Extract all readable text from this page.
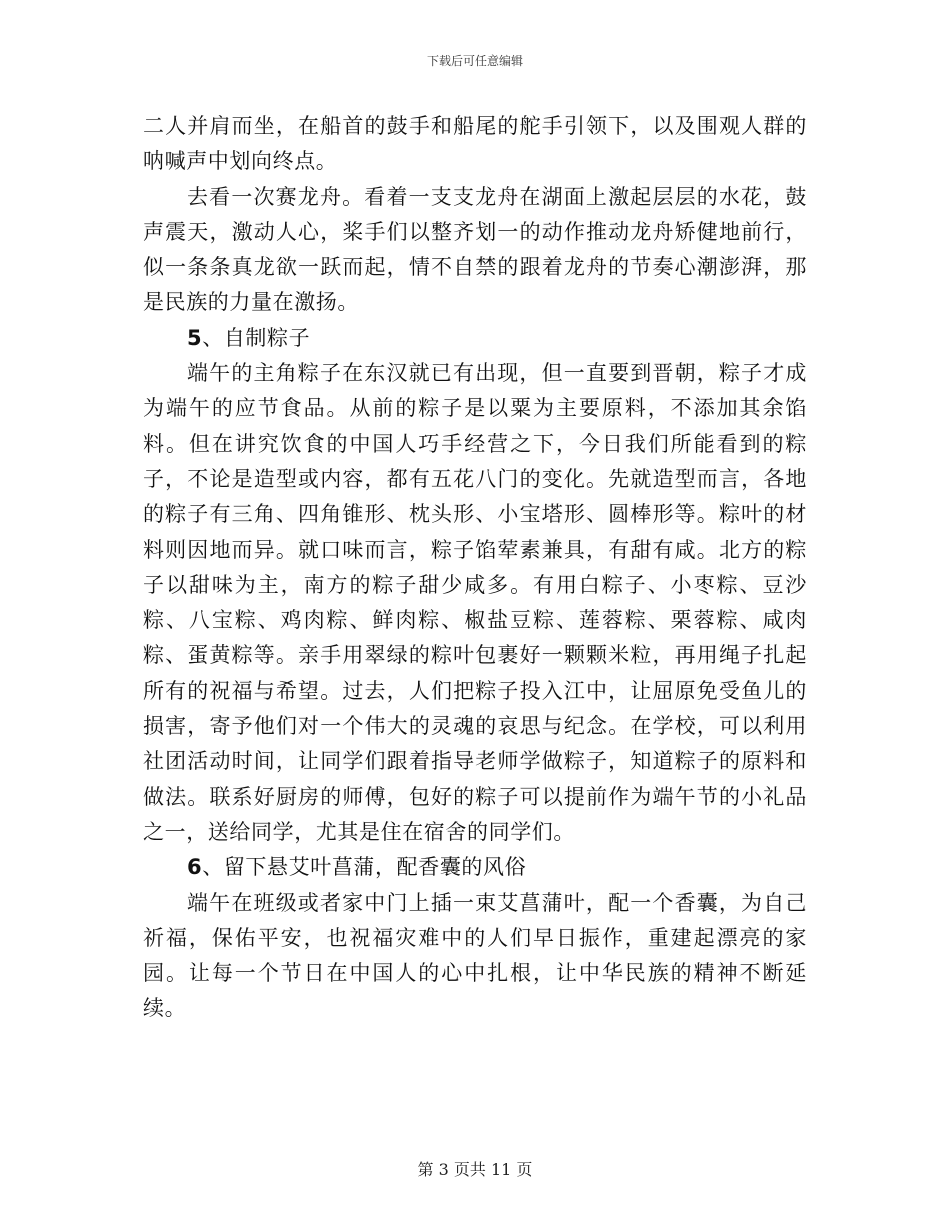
下载后可任意编辑

二人并肩而坐，在船首的鼓手和船尾的舵手引领下，以及围观人群的呐喊声中划向终点。

去看一次赛龙舟。看着一支支龙舟在湖面上激起层层的水花，鼓声震天，激动人心，桨手们以整齐划一的动作推动龙舟矫健地前行，似一条条真龙欲一跃而起，情不自禁的跟着龙舟的节奏心潮澎湃，那是民族的力量在激扬。

5、自制粽子

端午的主角粽子在东汉就已有出现，但一直要到晋朝，粽子才成为端午的应节食品。从前的粽子是以粟为主要原料，不添加其余馅料。但在讲究饮食的中国人巧手经营之下，今日我们所能看到的粽子，不论是造型或内容，都有五花八门的变化。先就造型而言，各地的粽子有三角、四角锥形、枕头形、小宝塔形、圆棒形等。粽叶的材料则因地而异。就口味而言，粽子馅荤素兼具，有甜有咸。北方的粽子以甜味为主，南方的粽子甜少咸多。有用白粽子、小枣粽、豆沙粽、八宝粽、鸡肉粽、鲜肉粽、椒盐豆粽、莲蓉粽、栗蓉粽、咸肉粽、蛋黄粽等。亲手用翠绿的粽叶包裹好一颗颗米粒，再用绳子扎起所有的祝福与希望。过去，人们把粽子投入江中，让屈原免受鱼儿的损害，寄予他们对一个伟大的灵魂的哀思与纪念。在学校，可以利用社团活动时间，让同学们跟着指导老师学做粽子，知道粽子的原料和做法。联系好厨房的师傅，包好的粽子可以提前作为端午节的小礼品之一，送给同学，尤其是住在宿舍的同学们。

6、留下悬艾叶菖蒲，配香囊的风俗

端午在班级或者家中门上插一束艾菖蒲叶，配一个香囊，为自己祈福，保佑平安，也祝福灾难中的人们早日振作，重建起漂亮的家园。让每一个节日在中国人的心中扎根，让中华民族的精神不断延续。

第 3 页共 11 页
